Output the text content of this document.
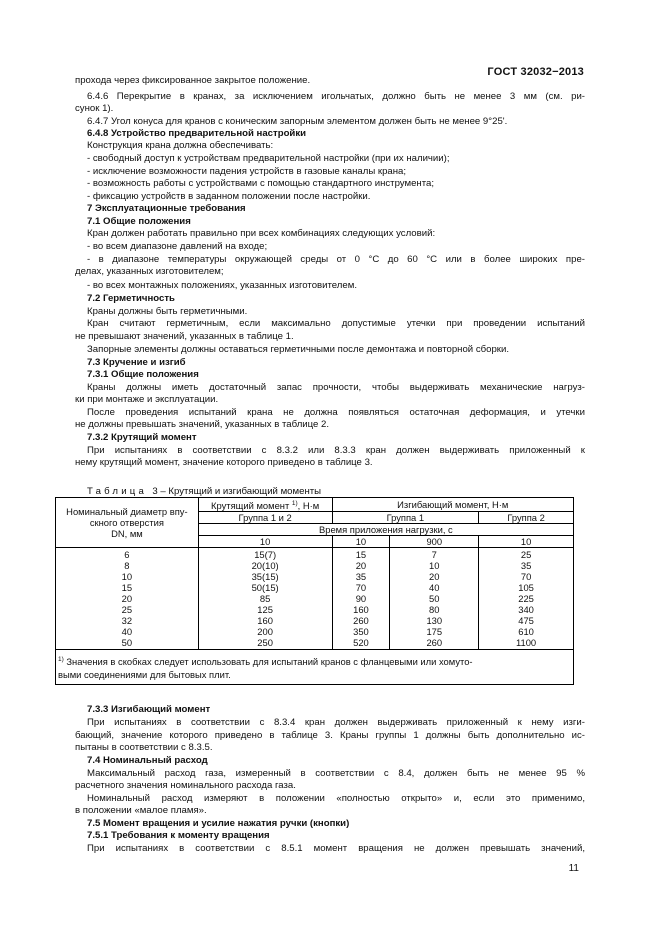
ГОСТ 32032−2013
прохода через фиксированное закрытое положение.
6.4.6 Перекрытие в кранах, за исключением игольчатых, должно быть не менее 3 мм (см. ри-
сунок 1).
6.4.7 Угол конуса для кранов с коническим запорным элементом должен быть не менее 9°25'.
6.4.8 Устройство предварительной настройки
Конструкция крана должна обеспечивать:
- свободный доступ к устройствам предварительной настройки (при их наличии);
- исключение возможности падения устройств в газовые каналы крана;
- возможность работы с устройствами с помощью стандартного инструмента;
- фиксацию устройств в заданном положении после настройки.
7 Эксплуатационные требования
7.1 Общие положения
Кран должен работать правильно при всех комбинациях следующих условий:
- во всем диапазоне давлений на входе;
- в диапазоне температуры окружающей среды от 0 °С до 60 °С или в более широких пре-
делах, указанных изготовителем;
- во всех монтажных положениях, указанных изготовителем.
7.2 Герметичность
Краны должны быть герметичными.
Кран считают герметичным, если максимально допустимые утечки при проведении испытаний
не превышают значений, указанных в таблице 1.
Запорные элементы должны оставаться герметичными после демонтажа и повторной сборки.
7.3 Кручение и изгиб
7.3.1 Общие положения
Краны должны иметь достаточный запас прочности, чтобы выдерживать механические нагруз-
ки при монтаже и эксплуатации.
После проведения испытаний крана не должна появляться остаточная деформация, и утечки
не должны превышать значений, указанных в таблице 2.
7.3.2 Крутящий момент
При испытаниях в соответствии с 8.3.2 или 8.3.3 кран должен выдерживать приложенный к
нему крутящий момент, значение которого приведено в таблице 3.
Таблица 3 – Крутящий и изгибающий моменты
Номинальный диаметр впу-
скного отверстия
DN, мм	Крутящий момент $^{1)}$, Н·м	Изгибающий момент, Н·м		
	Группа 1 и 2	Группа 1		Группа 2
	Время приложения нагрузки, с			
	10	10	900	10
6	15(7)	15	7	25
8	20(10)	20	10	35
10	35(15)	35	20	70
15	50(15)	70	40	105
20	85	90	50	225
25	125	160	80	340
32	160	260	130	475
40	200	350	175	610
50	250	520	260	1100
$^{1)}$ Значения в скобках следует использовать для испытаний кранов с фланцевыми или хомуто-
выми соединениями для бытовых плит.				
7.3.3 Изгибающий момент
При испытаниях в соответствии с 8.3.4 кран должен выдерживать приложенный к нему изги-
бающий, значение которого приведено в таблице 3. Краны группы 1 должны быть дополнительно ис-
пытаны в соответствии с 8.3.5.
7.4 Номинальный расход
Максимальный расход газа, измеренный в соответствии с 8.4, должен быть не менее 95 %
расчетного значения номинального расхода газа.
Номинальный расход измеряют в положении «полностью открыто» и, если это применимо,
в положении «малое пламя».
7.5 Момент вращения и усилие нажатия ручки (кнопки)
7.5.1 Требования к моменту вращения
При испытаниях в соответствии с 8.5.1 момент вращения не должен превышать значений,
11
